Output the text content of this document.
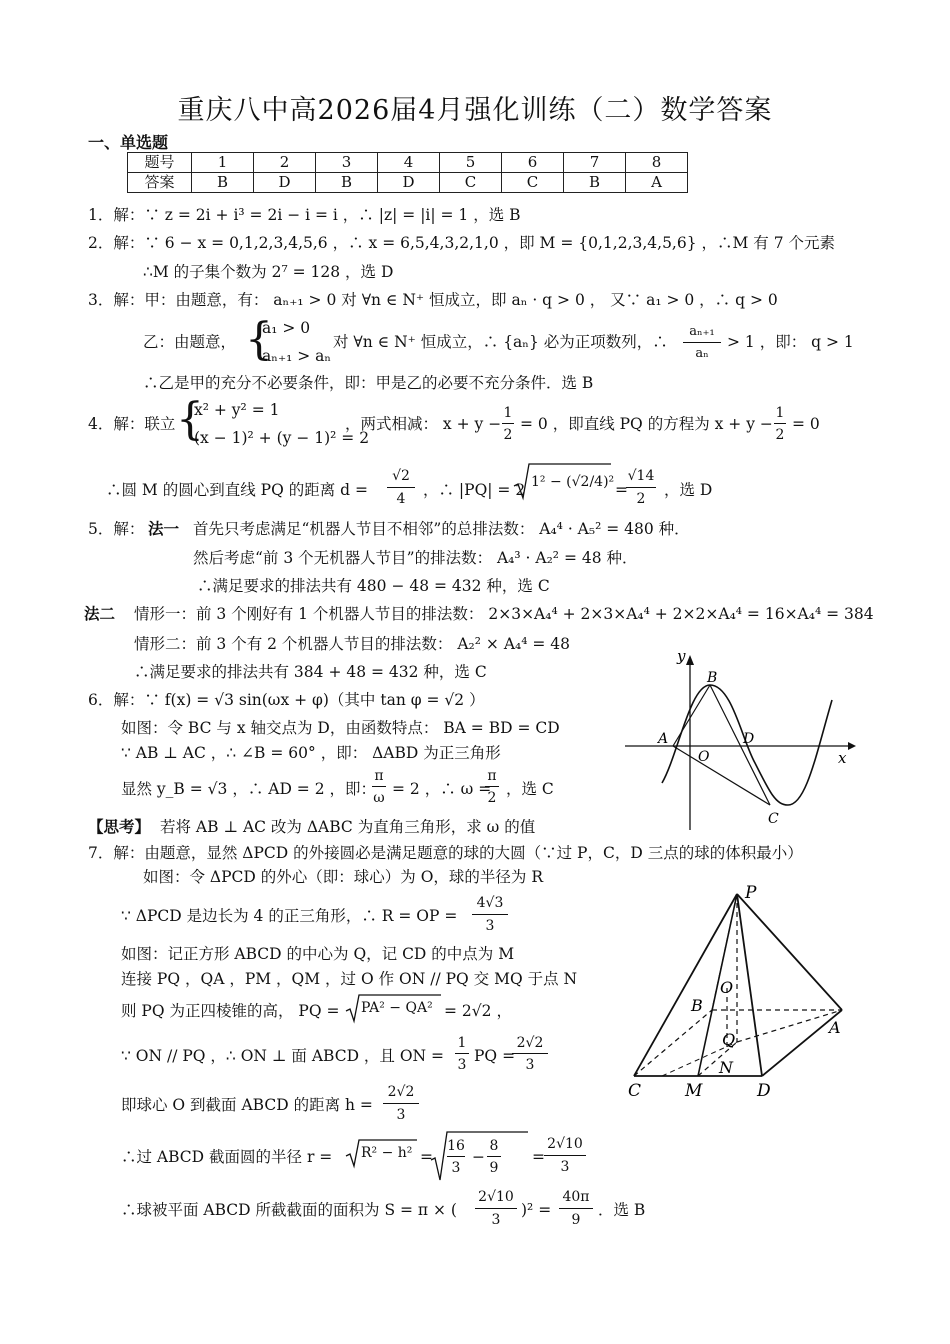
重庆八中高2026届4月强化训练（二）数学答案
一、单选题
题号	1	2	3	4	5	6	7	8
答案	B	D	B	D	C	C	B	A
1．解：∵ z = 2i + i³ = 2i − i = i ，∴ |z| = |i| = 1 ，选 B
2．解：∵ 6 − x = 0,1,2,3,4,5,6 ，∴ x = 6,5,4,3,2,1,0 ，即 M = {0,1,2,3,4,5,6} ，∴M 有 7 个元素
∴M 的子集个数为 2⁷ = 128 ，选 D
3．解：甲：由题意，有： aₙ₊₁ > 0 对 ∀n ∈ N⁺ 恒成立，即 aₙ · q > 0 ， 又∵ a₁ > 0 ，∴ q > 0
乙：由题意， {
a₁ > 0
aₙ₊₁ > aₙ
对 ∀n ∈ N⁺ 恒成立，∴ {aₙ} 必为正项数列，∴
aₙ₊₁
aₙ
> 1 ，即： q > 1
∴乙是甲的充分不必要条件，即：甲是乙的必要不充分条件．选 B
4．解：联立 {
x² + y² = 1
(x − 1)² + (y − 1)² = 2
，两式相减： x + y −
1
2
= 0 ，即直线 PQ 的方程为 x + y −
1
2
= 0
∴圆 M 的圆心到直线 PQ 的距离 d =
√2
4	，∴ |PQ| = 2 1² − (√2/4)² =
√14
2	，选 D
5．解： 法一 首先只考虑满足“机器人节目不相邻”的总排法数： A₄⁴ · A₅² = 480 种．
然后考虑“前 3 个无机器人节目”的排法数： A₄³ · A₂² = 48 种．
∴满足要求的排法共有 480 − 48 = 432 种，选 C
法二 情形一：前 3 个刚好有 1 个机器人节目的排法数： 2×3×A₄⁴ + 2×3×A₄⁴ + 2×2×A₄⁴ = 16×A₄⁴ = 384
情形二：前 3 个有 2 个机器人节目的排法数： A₂² × A₄⁴ = 48
∴满足要求的排法共有 384 + 48 = 432 种，选 C
6．解：∵ f(x) = √3 sin(ωx + φ)（其中 tan φ = √2 ）
如图：令 BC 与 x 轴交点为 D，由函数特点： BA = BD = CD
∵ AB ⊥ AC ，∴ ∠B = 60° ，即： ΔABD 为正三角形
显然 y_B = √3 ，∴ AD = 2 ，即：
π
ω = 2 ，∴ ω =
π
2 ，选 C
【思考】 若将 AB ⊥ AC 改为 ΔABC 为直角三角形，求 ω 的值
y
B
A
O
D
x
C
7．解：由题意，显然 ΔPCD 的外接圆必是满足题意的球的大圆（∵过 P，C，D 三点的球的体积最小）
如图：令 ΔPCD 的外心（即：球心）为 O，球的半径为 R
∵ ΔPCD 是边长为 4 的正三角形，∴ R = OP =
4√3
3
如图：记正方形 ABCD 的中心为 Q，记 CD 的中点为 M
连接 PQ ，QA ，PM ，QM ，过 O 作 ON // PQ 交 MQ 于点 N
则 PQ 为正四棱锥的高， PQ = PA² − QA² = 2√2 ，
∵ ON // PQ ，∴ ON ⊥ 面 ABCD ，且 ON =
1
3 PQ =
2√2
3
即球心 O 到截面 ABCD 的距离 h =
2√2
3
∴过 ABCD 截面圆的半径 r = R² − h² =
16
3
−
8
9
=
2√10
3
∴球被平面 ABCD 所截截面的面积为 S = π × (
2√10
3
)² =
40π
9
．选 B
P
O
B
Q
A
N
C	M	D
